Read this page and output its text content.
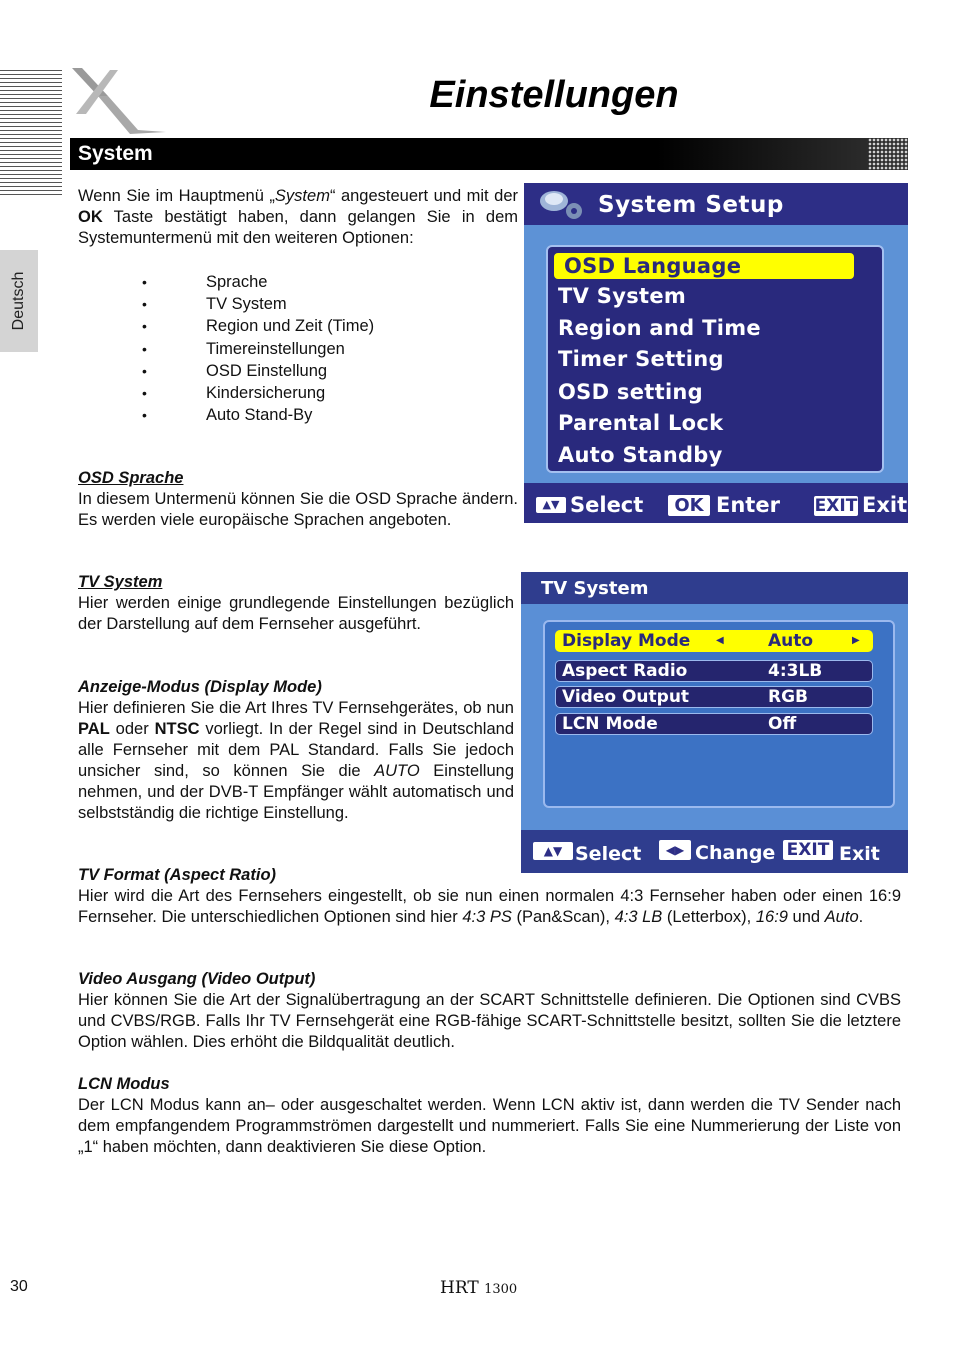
Deutsch
Einstellungen
System
Wenn Sie im Hauptmenü „System“ angesteuert und mit der OK Taste bestätigt haben, dann gelangen Sie in dem Systemuntermenü mit den weiteren Optionen:
• Sprache
• TV System
• Region und Zeit (Time)
• Timereinstellungen
• OSD Einstellung
• Kindersicherung
• Auto Stand-By
OSD Sprache
In diesem Untermenü können Sie die OSD Sprache ändern. Es werden viele europäische Sprachen angeboten.
TV System
Hier werden einige grundlegende Einstellungen bezüglich der Darstellung auf dem Fernseher ausgeführt.
Anzeige-Modus (Display Mode)
Hier definieren Sie die Art Ihres TV Fernsehgerätes, ob nun PAL oder NTSC vorliegt. In der Regel sind in Deutschland alle Fernseher mit dem PAL Standard. Falls Sie jedoch unsicher sind, so können Sie die AUTO Einstellung nehmen, und der DVB-T Empfänger wählt automatisch und selbstständig die richtige Einstellung.
TV Format (Aspect Ratio)
Hier wird die Art des Fernsehers eingestellt, ob sie nun einen normalen 4:3 Fernseher haben oder einen 16:9 Fernseher. Die unterschiedlichen Optionen sind hier 4:3 PS (Pan&Scan), 4:3 LB (Letterbox), 16:9 und Auto.
Video Ausgang (Video Output)
Hier können Sie die Art der Signalübertragung an der SCART Schnittstelle definieren. Die Optionen sind CVBS und CVBS/RGB. Falls Ihr TV Fernsehgerät eine RGB-fähige SCART-Schnittstelle besitzt, sollten Sie die letztere Option wählen. Dies erhöht die Bildqualität deutlich.
LCN Modus
Der LCN Modus kann an– oder ausgeschaltet werden. Wenn LCN aktiv ist, dann werden die TV Sender nach dem empfangendem Programmströmen dargestellt und nummeriert. Falls Sie eine Nummerierung der Liste von „1“ haben möchten, dann deaktivieren Sie diese Option.
System Setup
OSD Language
TV System
Region and Time
Timer Setting
OSD setting
Parental Lock
Auto Standby
▲▼ Select	OK Enter EXIT Exit
TV System
Display Mode	◀	Auto	▶
Aspect Radio	4:3LB
Video Output	RGB
LCN Mode	Off
▲▼ Select	◀▶ Change EXIT Exit
30	HRT 1300
